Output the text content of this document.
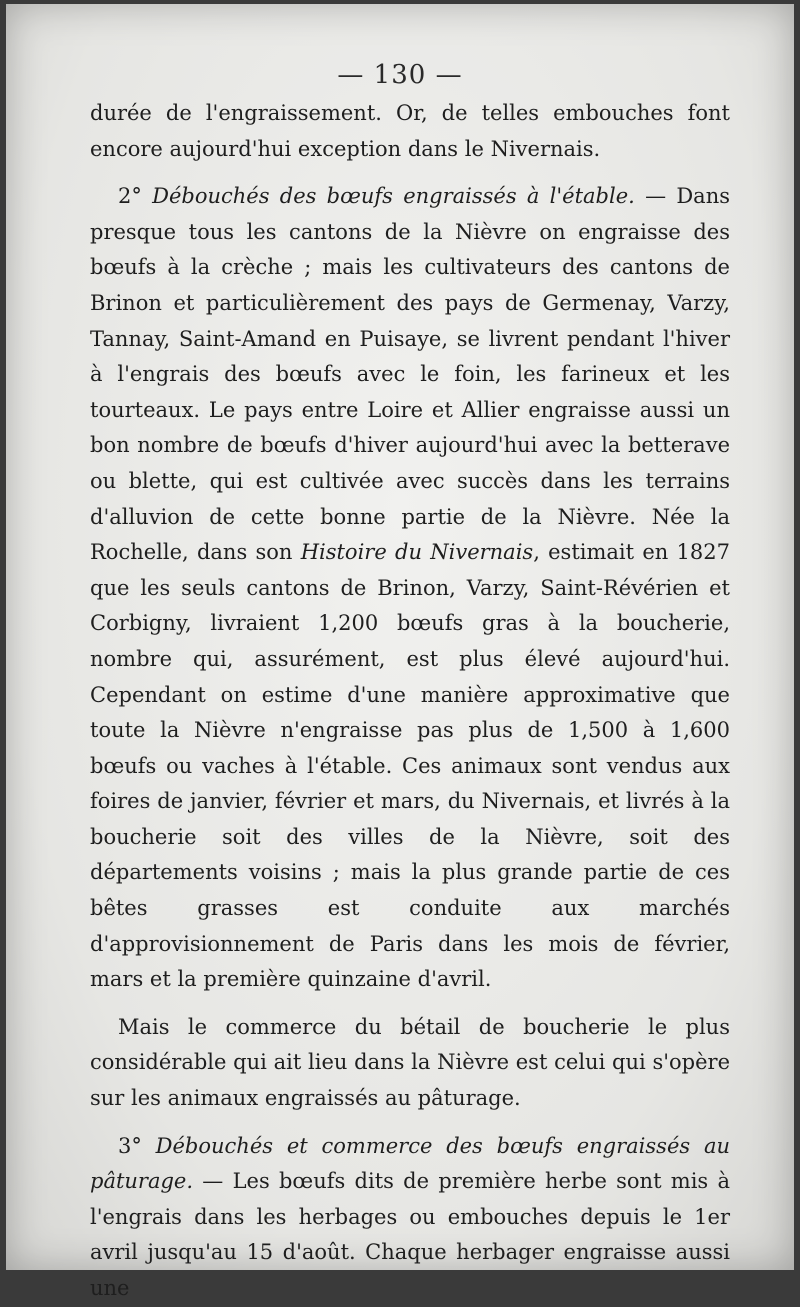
— 130 —

durée de l'engraissement. Or, de telles embouches font encore aujourd'hui exception dans le Nivernais.

2° Débouchés des bœufs engraissés à l'étable. — Dans presque tous les cantons de la Nièvre on engraisse des bœufs à la crèche ; mais les cultivateurs des cantons de Brinon et particulièrement des pays de Germenay, Varzy, Tannay, Saint-Amand en Puisaye, se livrent pendant l'hiver à l'engrais des bœufs avec le foin, les farineux et les tourteaux. Le pays entre Loire et Allier engraisse aussi un bon nombre de bœufs d'hiver aujourd'hui avec la betterave ou blette, qui est cultivée avec succès dans les terrains d'alluvion de cette bonne partie de la Nièvre. Née la Rochelle, dans son Histoire du Nivernais, estimait en 1827 que les seuls cantons de Brinon, Varzy, Saint-Révérien et Corbigny, livraient 1,200 bœufs gras à la boucherie, nombre qui, assurément, est plus élevé aujourd'hui. Cependant on estime d'une manière approximative que toute la Nièvre n'engraisse pas plus de 1,500 à 1,600 bœufs ou vaches à l'étable. Ces animaux sont vendus aux foires de janvier, février et mars, du Nivernais, et livrés à la boucherie soit des villes de la Nièvre, soit des départements voisins ; mais la plus grande partie de ces bêtes grasses est conduite aux marchés d'approvisionnement de Paris dans les mois de février, mars et la première quinzaine d'avril.

Mais le commerce du bétail de boucherie le plus considérable qui ait lieu dans la Nièvre est celui qui s'opère sur les animaux engraissés au pâturage.

3° Débouchés et commerce des bœufs engraissés au pâturage. — Les bœufs dits de première herbe sont mis à l'engrais dans les herbages ou embouches depuis le 1er avril jusqu'au 15 d'août. Chaque herbager engraisse aussi une
